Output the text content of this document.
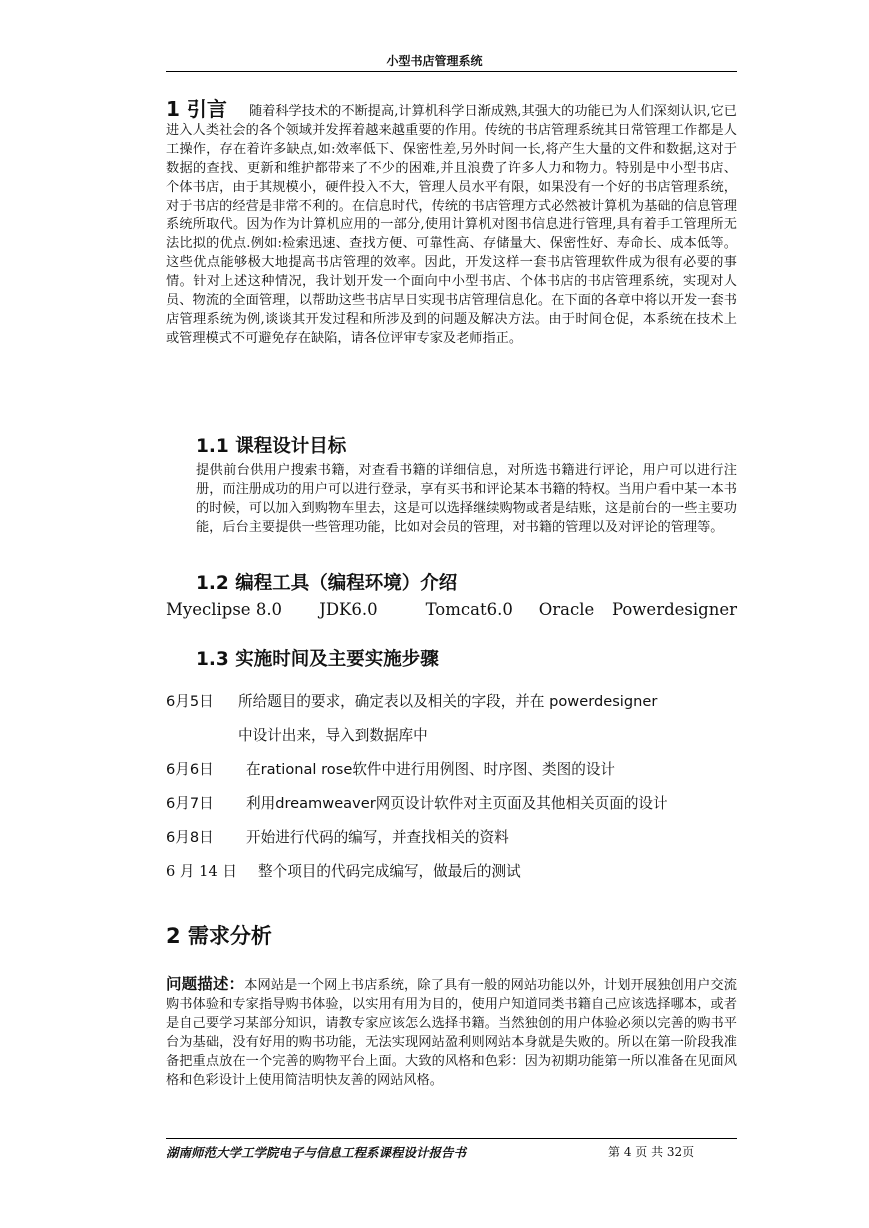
小型书店管理系统
1 引言 随着科学技术的不断提高,计算机科学日渐成熟,其强大的功能已为人们深刻认识,它已进入人类社会的各个领域并发挥着越来越重要的作用。传统的书店管理系统其日常管理工作都是人工操作，存在着许多缺点,如:效率低下、保密性差,另外时间一长,将产生大量的文件和数据,这对于数据的查找、更新和维护都带来了不少的困难,并且浪费了许多人力和物力。特别是中小型书店、个体书店，由于其规模小，硬件投入不大，管理人员水平有限，如果没有一个好的书店管理系统，对于书店的经营是非常不利的。在信息时代，传统的书店管理方式必然被计算机为基础的信息管理系统所取代。因为作为计算机应用的一部分,使用计算机对图书信息进行管理,具有着手工管理所无法比拟的优点.例如:检索迅速、查找方便、可靠性高、存储量大、保密性好、寿命长、成本低等。这些优点能够极大地提高书店管理的效率。因此，开发这样一套书店管理软件成为很有必要的事情。针对上述这种情况，我计划开发一个面向中小型书店、个体书店的书店管理系统，实现对人员、物流的全面管理，以帮助这些书店早日实现书店管理信息化。在下面的各章中将以开发一套书店管理系统为例,谈谈其开发过程和所涉及到的问题及解决方法。由于时间仓促，本系统在技术上或管理模式不可避免存在缺陷，请各位评审专家及老师指正。
1.1 课程设计目标
提供前台供用户搜索书籍，对查看书籍的详细信息，对所选书籍进行评论，用户可以进行注册，而注册成功的用户可以进行登录，享有买书和评论某本书籍的特权。当用户看中某一本书的时候，可以加入到购物车里去，这是可以选择继续购物或者是结账，这是前台的一些主要功能，后台主要提供一些管理功能，比如对会员的管理，对书籍的管理以及对评论的管理等。
1.2 编程工具（编程环境）介绍
Myeclipse 8.0	JDK6.0	Tomcat6.0	Oracle	Powerdesigner
1.3 实施时间及主要实施步骤
6月5日 所给题目的要求，确定表以及相关的字段，并在 powerdesigner
中设计出来，导入到数据库中
6月6日 在rational rose软件中进行用例图、时序图、类图的设计
6月7日 利用dreamweaver网页设计软件对主页面及其他相关页面的设计
6月8日 开始进行代码的编写，并查找相关的资料
6 月 14 日 整个项目的代码完成编写，做最后的测试
2 需求分析
问题描述：本网站是一个网上书店系统，除了具有一般的网站功能以外，计划开展独创用户交流购书体验和专家指导购书体验，以实用有用为目的，使用户知道同类书籍自己应该选择哪本，或者是自己要学习某部分知识，请教专家应该怎么选择书籍。当然独创的用户体验必须以完善的购书平台为基础，没有好用的购书功能，无法实现网站盈利则网站本身就是失败的。所以在第一阶段我准备把重点放在一个完善的购物平台上面。大致的风格和色彩：因为初期功能第一所以准备在见面风格和色彩设计上使用简洁明快友善的网站风格。
湖南师范大学工学院电子与信息工程系课程设计报告书	第 4 页 共 32页
